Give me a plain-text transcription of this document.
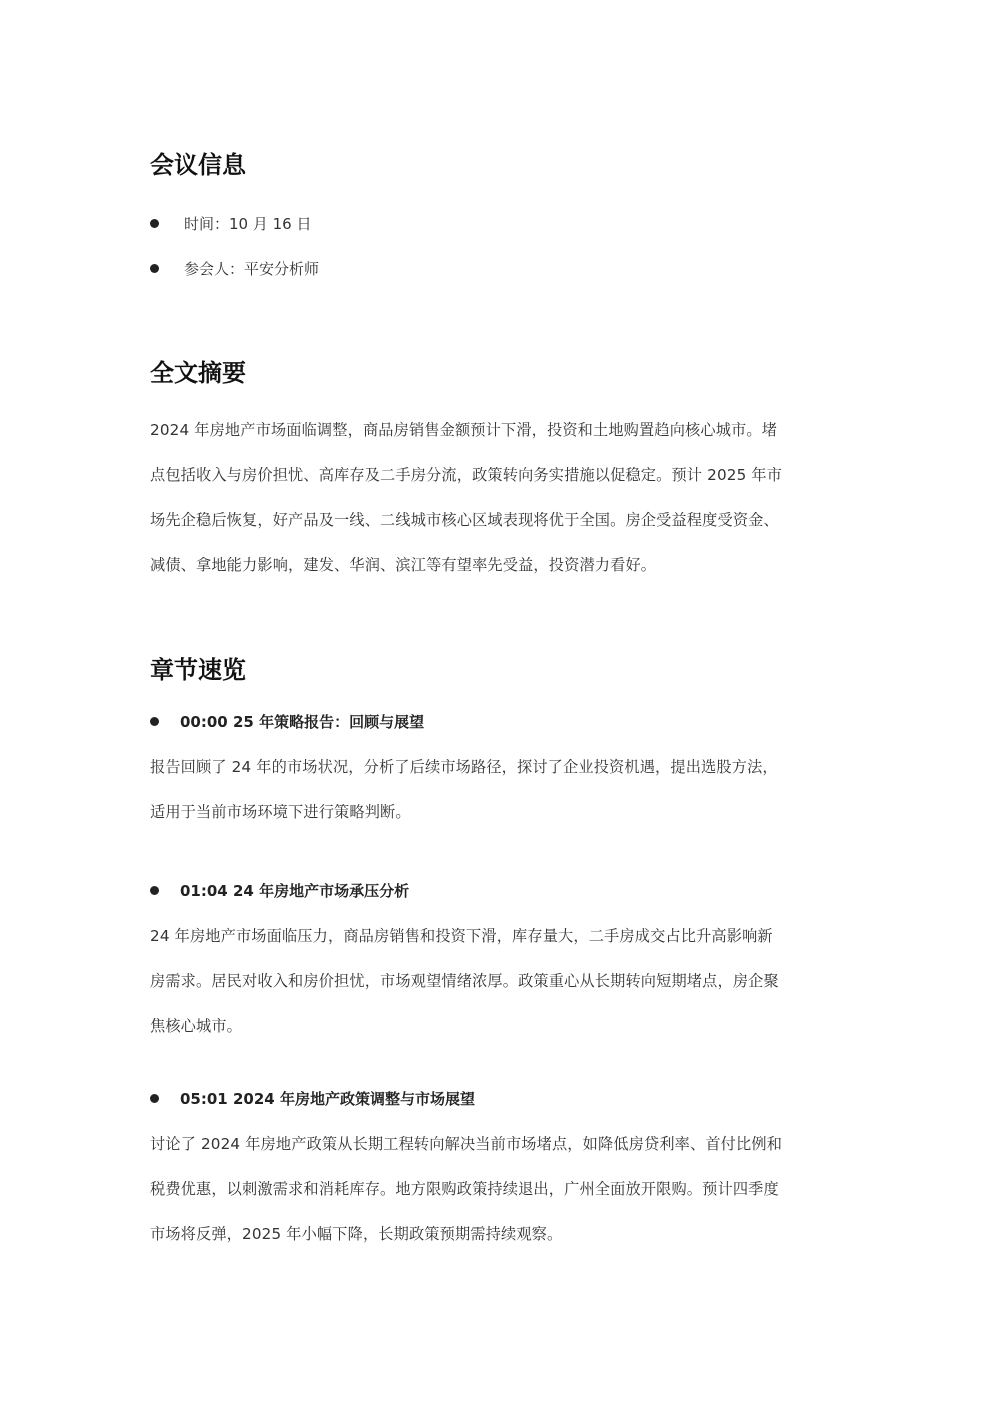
会议信息
时间：10 月 16 日
参会人：平安分析师
全文摘要
2024 年房地产市场面临调整，商品房销售金额预计下滑，投资和土地购置趋向核心城市。堵
点包括收入与房价担忧、高库存及二手房分流，政策转向务实措施以促稳定。预计 2025 年市
场先企稳后恢复，好产品及一线、二线城市核心区域表现将优于全国。房企受益程度受资金、
减债、拿地能力影响，建发、华润、滨江等有望率先受益，投资潜力看好。
章节速览
00:00 25 年策略报告：回顾与展望
报告回顾了 24 年的市场状况，分析了后续市场路径，探讨了企业投资机遇，提出选股方法，
适用于当前市场环境下进行策略判断。
01:04 24 年房地产市场承压分析
24 年房地产市场面临压力，商品房销售和投资下滑，库存量大，二手房成交占比升高影响新
房需求。居民对收入和房价担忧，市场观望情绪浓厚。政策重心从长期转向短期堵点，房企聚
焦核心城市。
05:01 2024 年房地产政策调整与市场展望
讨论了 2024 年房地产政策从长期工程转向解决当前市场堵点，如降低房贷利率、首付比例和
税费优惠，以刺激需求和消耗库存。地方限购政策持续退出，广州全面放开限购。预计四季度
市场将反弹，2025 年小幅下降，长期政策预期需持续观察。
